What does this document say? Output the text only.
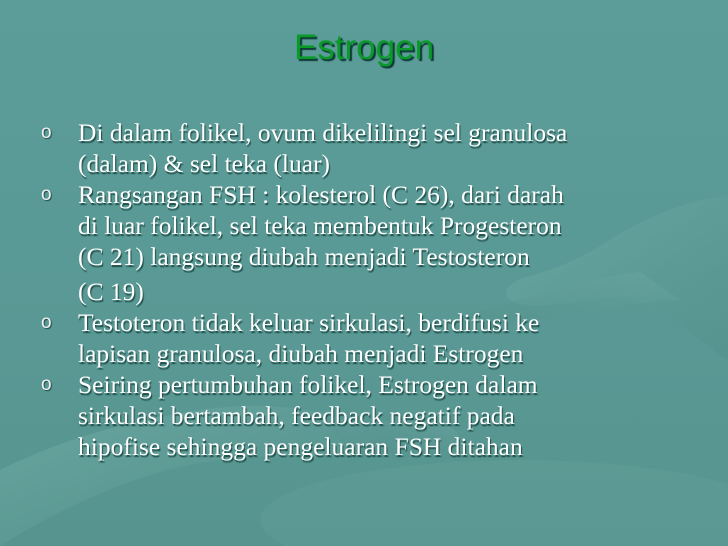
Estrogen
o Di dalam folikel, ovum dikelilingi sel granulosa
(dalam) & sel teka (luar)
o Rangsangan FSH : kolesterol (C 26), dari darah
di luar folikel, sel teka membentuk Progesteron
(C 21) langsung diubah menjadi Testosteron
(C 19)
o Testoteron tidak keluar sirkulasi, berdifusi ke
lapisan granulosa, diubah menjadi Estrogen
o Seiring pertumbuhan folikel, Estrogen dalam
sirkulasi bertambah, feedback negatif pada
hipofise sehingga pengeluaran FSH ditahan
